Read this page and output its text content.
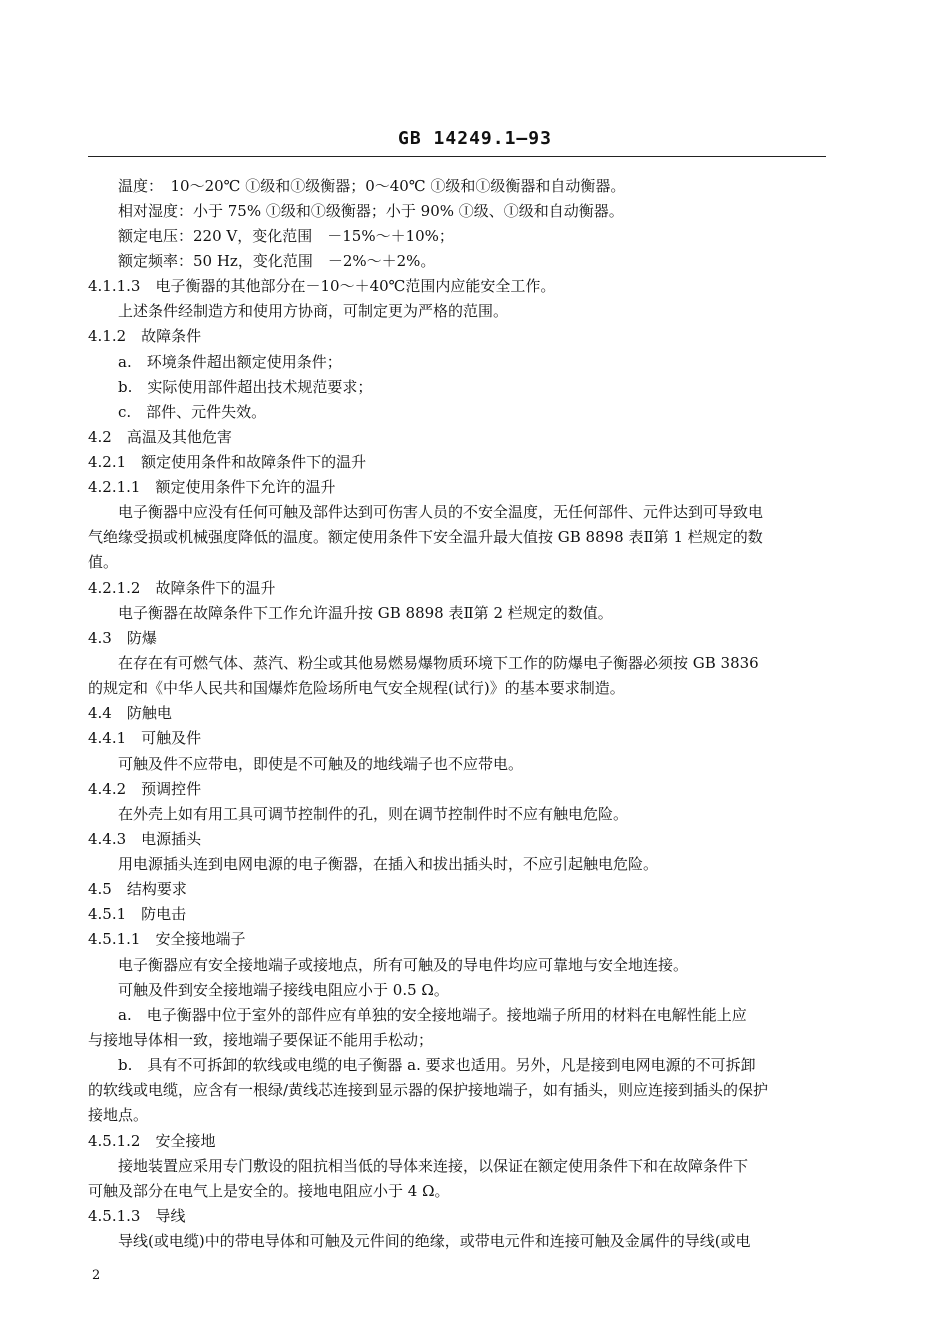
GB 14249.1—93
温度：　10～20℃ Ⓘ级和Ⓘ级衡器；0～40℃ Ⓘ级和Ⓘ级衡器和自动衡器。
相对湿度：小于 75% Ⓘ级和Ⓘ级衡器；小于 90% Ⓘ级、Ⓘ级和自动衡器。
额定电压：220 V，变化范围　－15%～＋10%；
额定频率：50 Hz，变化范围　－2%～＋2%。
4.1.1.3　电子衡器的其他部分在－10～＋40℃范围内应能安全工作。
上述条件经制造方和使用方协商，可制定更为严格的范围。
4.1.2　故障条件
a.　环境条件超出额定使用条件；
b.　实际使用部件超出技术规范要求；
c.　部件、元件失效。
4.2　高温及其他危害
4.2.1　额定使用条件和故障条件下的温升
4.2.1.1　额定使用条件下允许的温升
电子衡器中应没有任何可触及部件达到可伤害人员的不安全温度，无任何部件、元件达到可导致电
气绝缘受损或机械强度降低的温度。额定使用条件下安全温升最大值按 GB 8898 表Ⅱ第 1 栏规定的数
值。
4.2.1.2　故障条件下的温升
电子衡器在故障条件下工作允许温升按 GB 8898 表Ⅱ第 2 栏规定的数值。
4.3　防爆
在存在有可燃气体、蒸汽、粉尘或其他易燃易爆物质环境下工作的防爆电子衡器必须按 GB 3836
的规定和《中华人民共和国爆炸危险场所电气安全规程(试行)》的基本要求制造。
4.4　防触电
4.4.1　可触及件
可触及件不应带电，即使是不可触及的地线端子也不应带电。
4.4.2　预调控件
在外壳上如有用工具可调节控制件的孔，则在调节控制件时不应有触电危险。
4.4.3　电源插头
用电源插头连到电网电源的电子衡器，在插入和拔出插头时，不应引起触电危险。
4.5　结构要求
4.5.1　防电击
4.5.1.1　安全接地端子
电子衡器应有安全接地端子或接地点，所有可触及的导电件均应可靠地与安全地连接。
可触及件到安全接地端子接线电阻应小于 0.5 Ω。
a.　电子衡器中位于室外的部件应有单独的安全接地端子。接地端子所用的材料在电解性能上应
与接地导体相一致，接地端子要保证不能用手松动；
b.　具有不可拆卸的软线或电缆的电子衡器 a. 要求也适用。另外，凡是接到电网电源的不可拆卸
的软线或电缆，应含有一根绿/黄线芯连接到显示器的保护接地端子，如有插头，则应连接到插头的保护
接地点。
4.5.1.2　安全接地
接地装置应采用专门敷设的阻抗相当低的导体来连接，以保证在额定使用条件下和在故障条件下
可触及部分在电气上是安全的。接地电阻应小于 4 Ω。
4.5.1.3　导线
导线(或电缆)中的带电导体和可触及元件间的绝缘，或带电元件和连接可触及金属件的导线(或电
2
